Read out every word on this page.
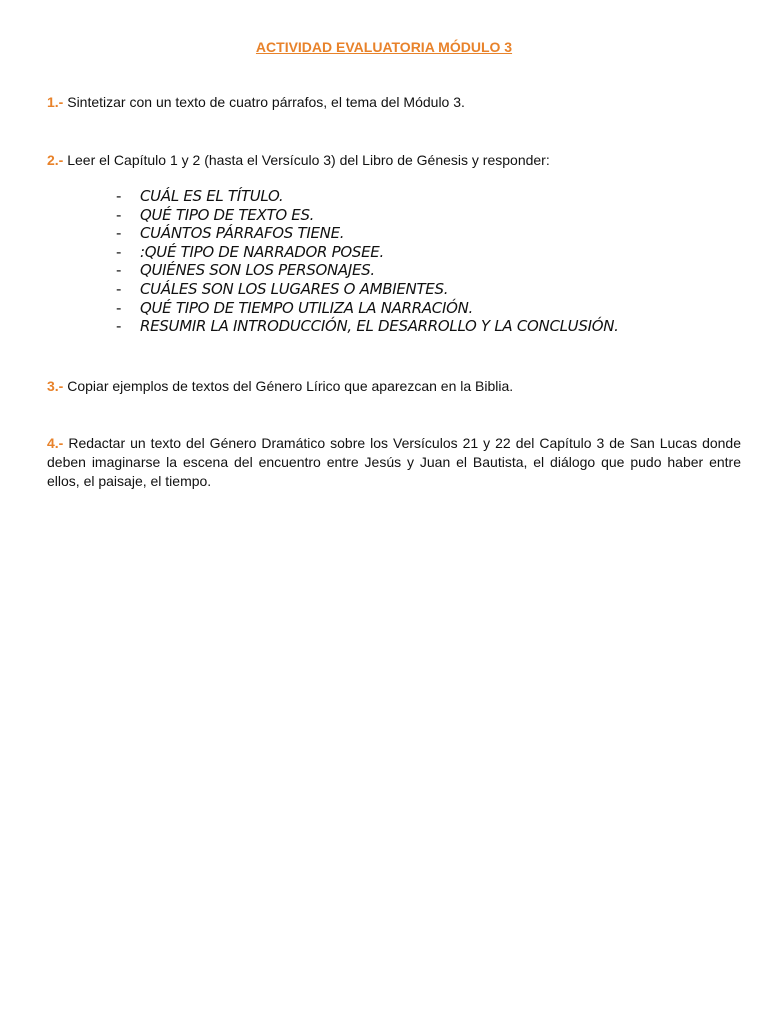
ACTIVIDAD EVALUATORIA MÓDULO 3
1.- Sintetizar con un texto de cuatro párrafos, el tema del Módulo 3.
2.- Leer el Capítulo 1 y 2 (hasta el Versículo 3) del Libro de Génesis y responder:
- CUÁL ES EL TÍTULO.
- QUÉ TIPO DE TEXTO ES.
- CUÁNTOS PÁRRAFOS TIENE.
- :QUÉ TIPO DE NARRADOR POSEE.
- QUIÉNES SON LOS PERSONAJES.
- CUÁLES SON LOS LUGARES O AMBIENTES.
- QUÉ TIPO DE TIEMPO UTILIZA LA NARRACIÓN.
- RESUMIR LA INTRODUCCIÓN, EL DESARROLLO Y LA CONCLUSIÓN.
3.- Copiar ejemplos de textos del Género Lírico que aparezcan en la Biblia.
4.- Redactar un texto del Género Dramático sobre los Versículos 21 y 22 del Capítulo 3 de San Lucas donde deben imaginarse la escena del encuentro entre Jesús y Juan el Bautista, el diálogo que pudo haber entre ellos, el paisaje, el tiempo.
